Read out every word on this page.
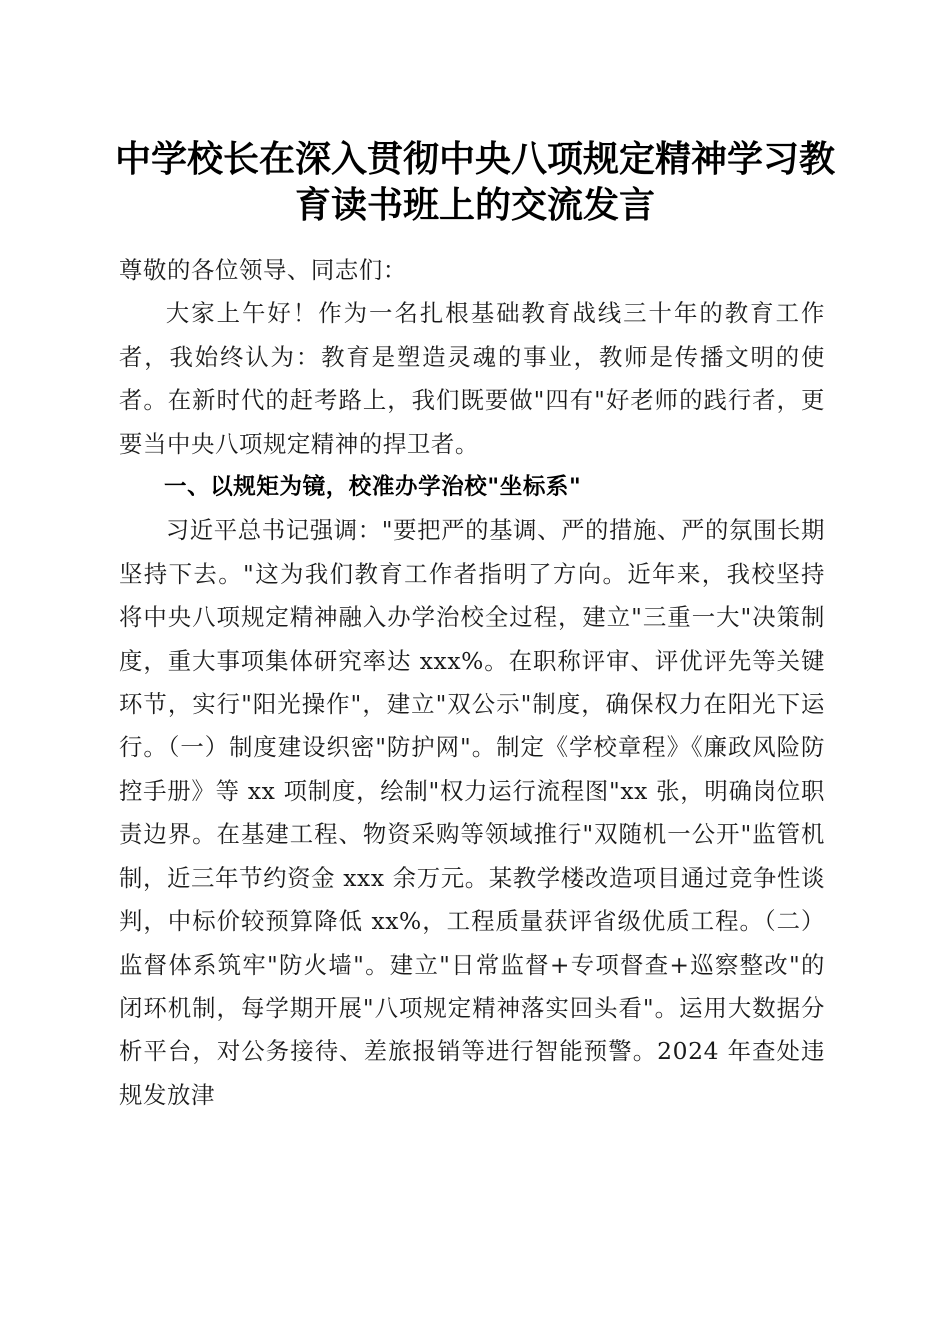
中学校长在深入贯彻中央八项规定精神学习教育读书班上的交流发言

尊敬的各位领导、同志们：

大家上午好！作为一名扎根基础教育战线三十年的教育工作者，我始终认为：教育是塑造灵魂的事业，教师是传播文明的使者。在新时代的赶考路上，我们既要做"四有"好老师的践行者，更要当中央八项规定精神的捍卫者。

一、以规矩为镜，校准办学治校"坐标系"

习近平总书记强调："要把严的基调、严的措施、严的氛围长期坚持下去。"这为我们教育工作者指明了方向。近年来，我校坚持将中央八项规定精神融入办学治校全过程，建立"三重一大"决策制度，重大事项集体研究率达 xxx%。在职称评审、评优评先等关键环节，实行"阳光操作"，建立"双公示"制度，确保权力在阳光下运行。（一）制度建设织密"防护网"。制定《学校章程》《廉政风险防控手册》等 xx 项制度，绘制"权力运行流程图"xx 张，明确岗位职责边界。在基建工程、物资采购等领域推行"双随机一公开"监管机制，近三年节约资金 xxx 余万元。某教学楼改造项目通过竞争性谈判，中标价较预算降低 xx%，工程质量获评省级优质工程。（二）监督体系筑牢"防火墙"。建立"日常监督+专项督查+巡察整改"的闭环机制，每学期开展"八项规定精神落实回头看"。运用大数据分析平台，对公务接待、差旅报销等进行智能预警。2024 年查处违规发放津
